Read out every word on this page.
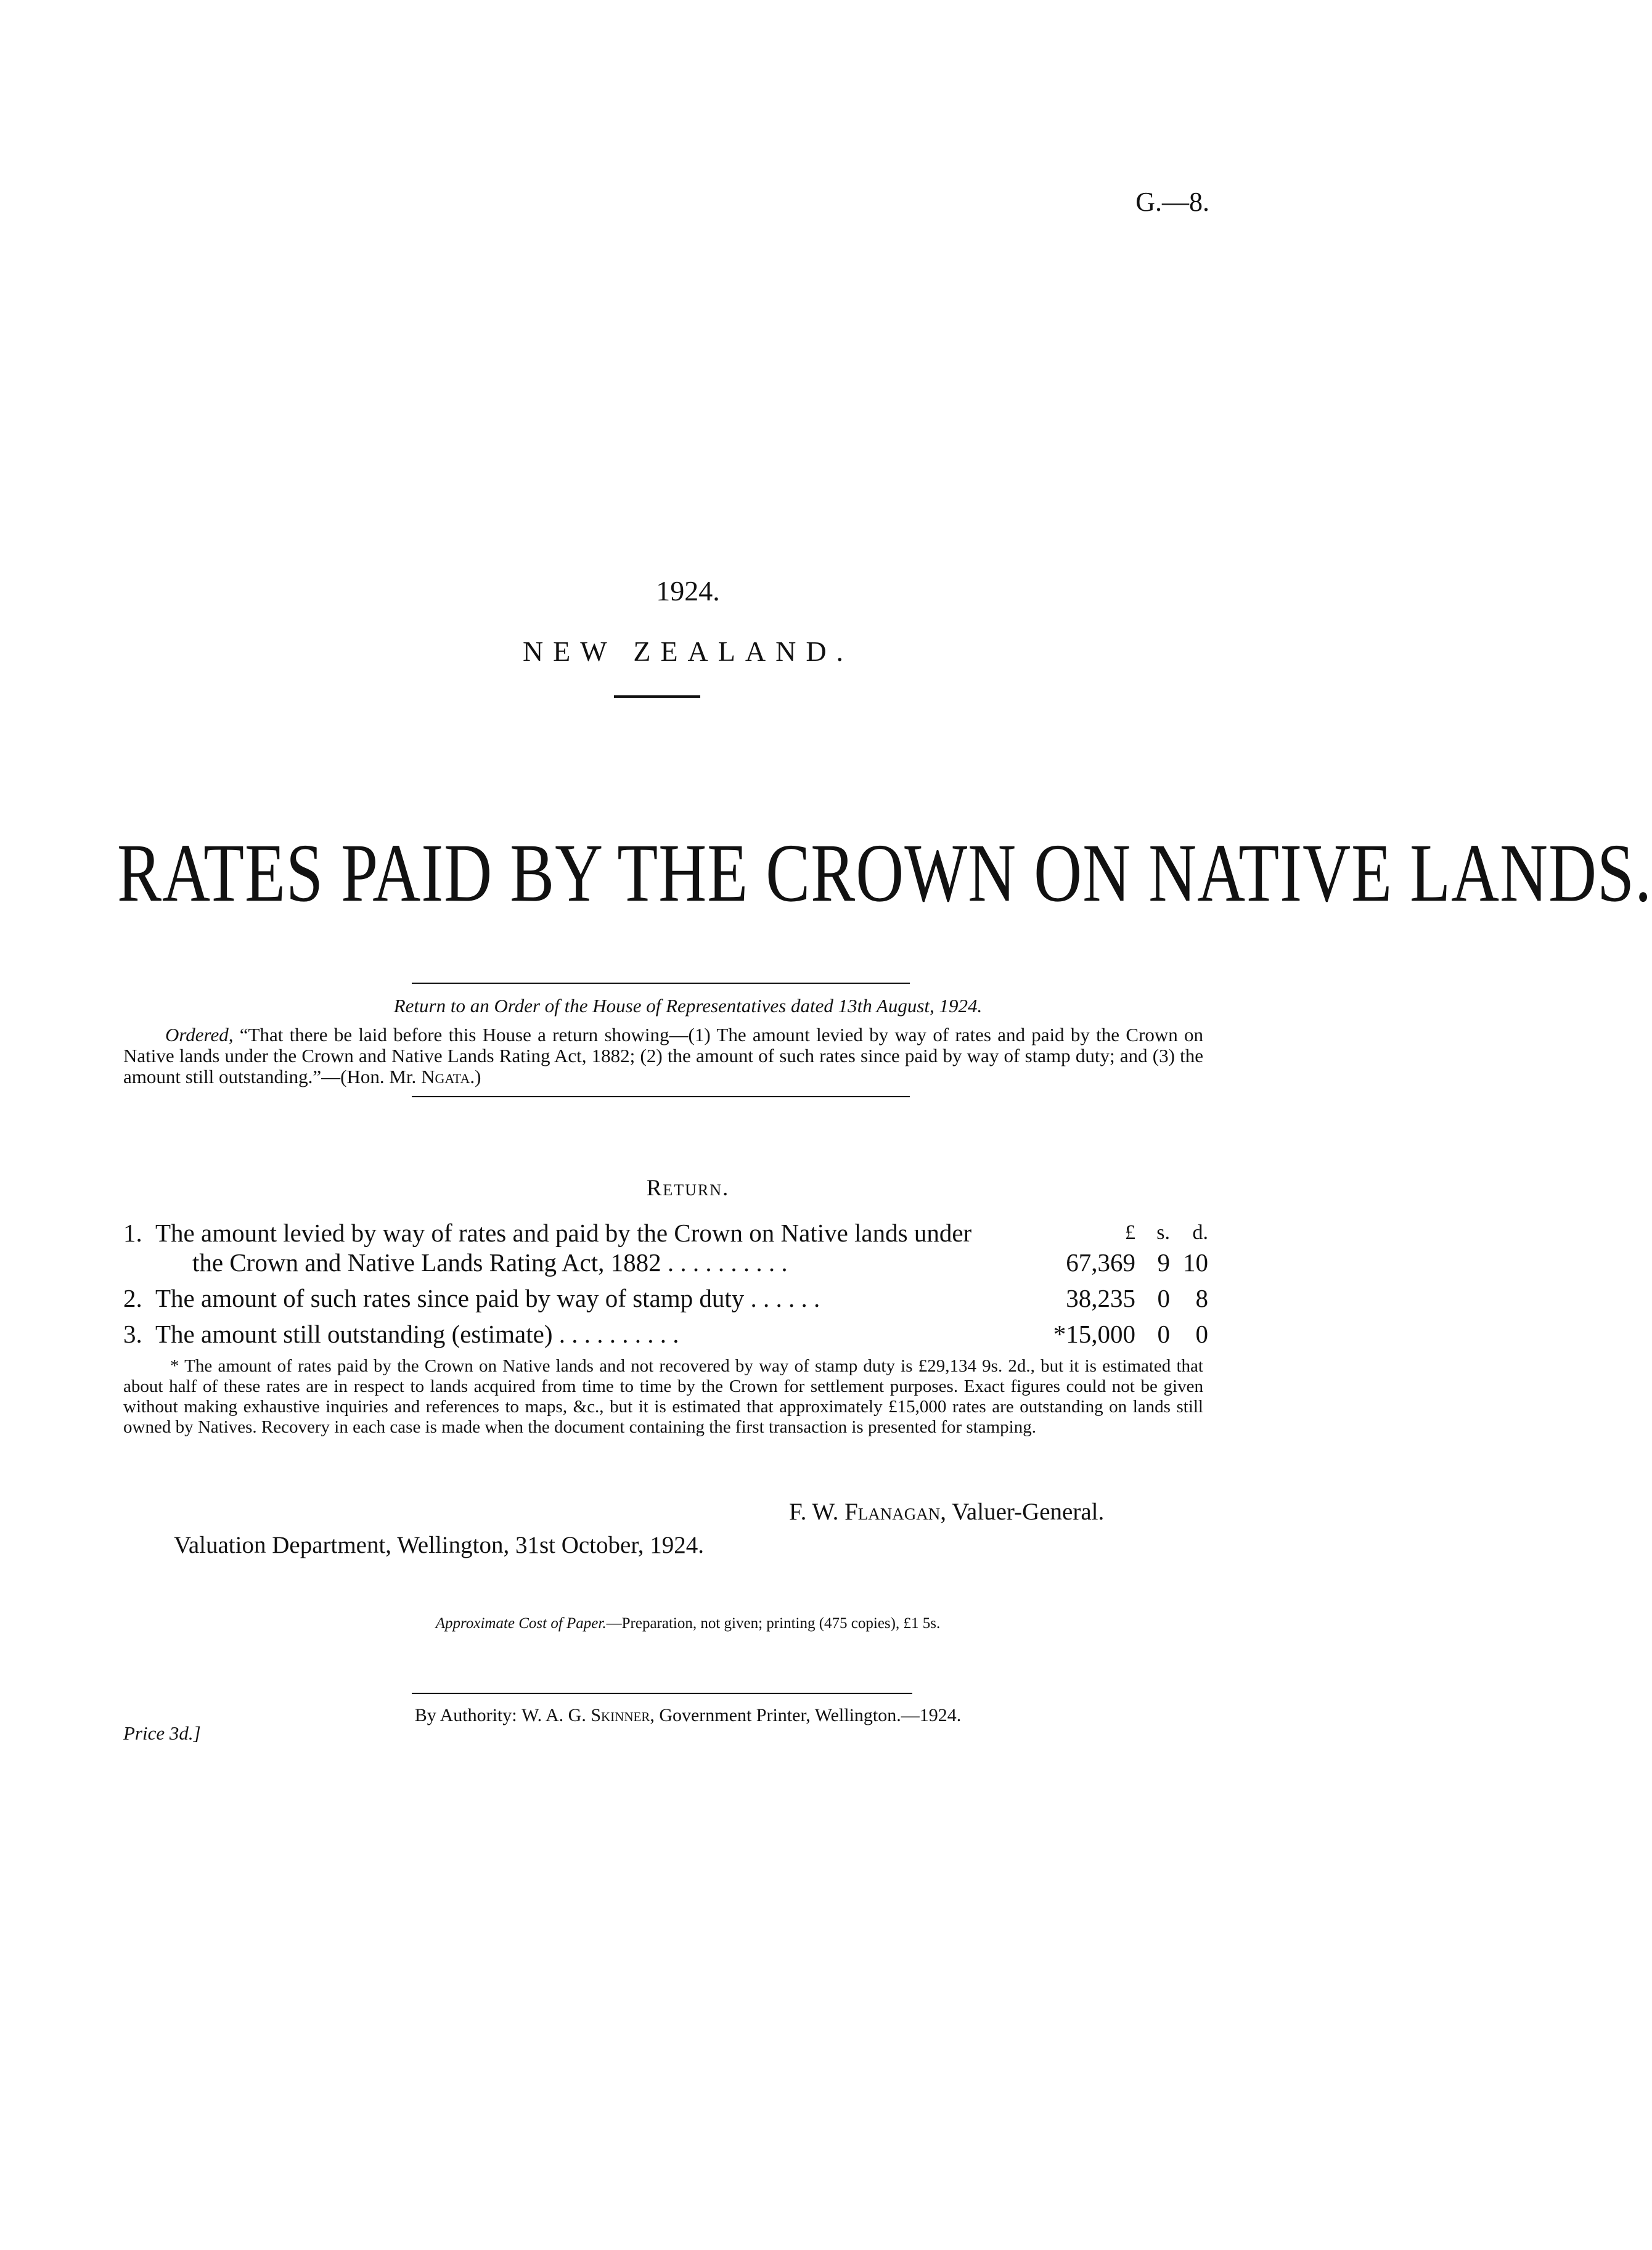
G.—8.
1924.
NEW ZEALAND.
RATES PAID BY THE CROWN ON NATIVE LANDS.
Return to an Order of the House of Representatives dated 13th August, 1924.
Ordered, “That there be laid before this House a return showing—(1) The amount levied by way of rates and paid by the Crown on Native lands under the Crown and Native Lands Rating Act, 1882; (2) the amount of such rates since paid by way of stamp duty; and (3) the amount still outstanding.”—(Hon. Mr. Ngata.)
Return.
1. The amount levied by way of rates and paid by the Crown on Native lands under	£	s.	d.
the Crown and Native Lands Rating Act, 1882 . . . . . . . . . .	67,369 9 10
2. The amount of such rates since paid by way of stamp duty . . . . . .	38,235 0	8
3. The amount still outstanding (estimate) . . . . . . . . . .	*15,000 0	0
* The amount of rates paid by the Crown on Native lands and not recovered by way of stamp duty is £29,134 9s. 2d., but it is estimated that about half of these rates are in respect to lands acquired from time to time by the Crown for settlement purposes. Exact figures could not be given without making exhaustive inquiries and references to maps, &c., but it is estimated that approximately £15,000 rates are outstanding on lands still owned by Natives. Recovery in each case is made when the document containing the first transaction is presented for stamping.
F. W. Flanagan, Valuer-General.
Valuation Department, Wellington, 31st October, 1924.
Approximate Cost of Paper.—Preparation, not given; printing (475 copies), £1 5s.
By Authority: W. A. G. Skinner, Government Printer, Wellington.—1924.
Price 3d.]
